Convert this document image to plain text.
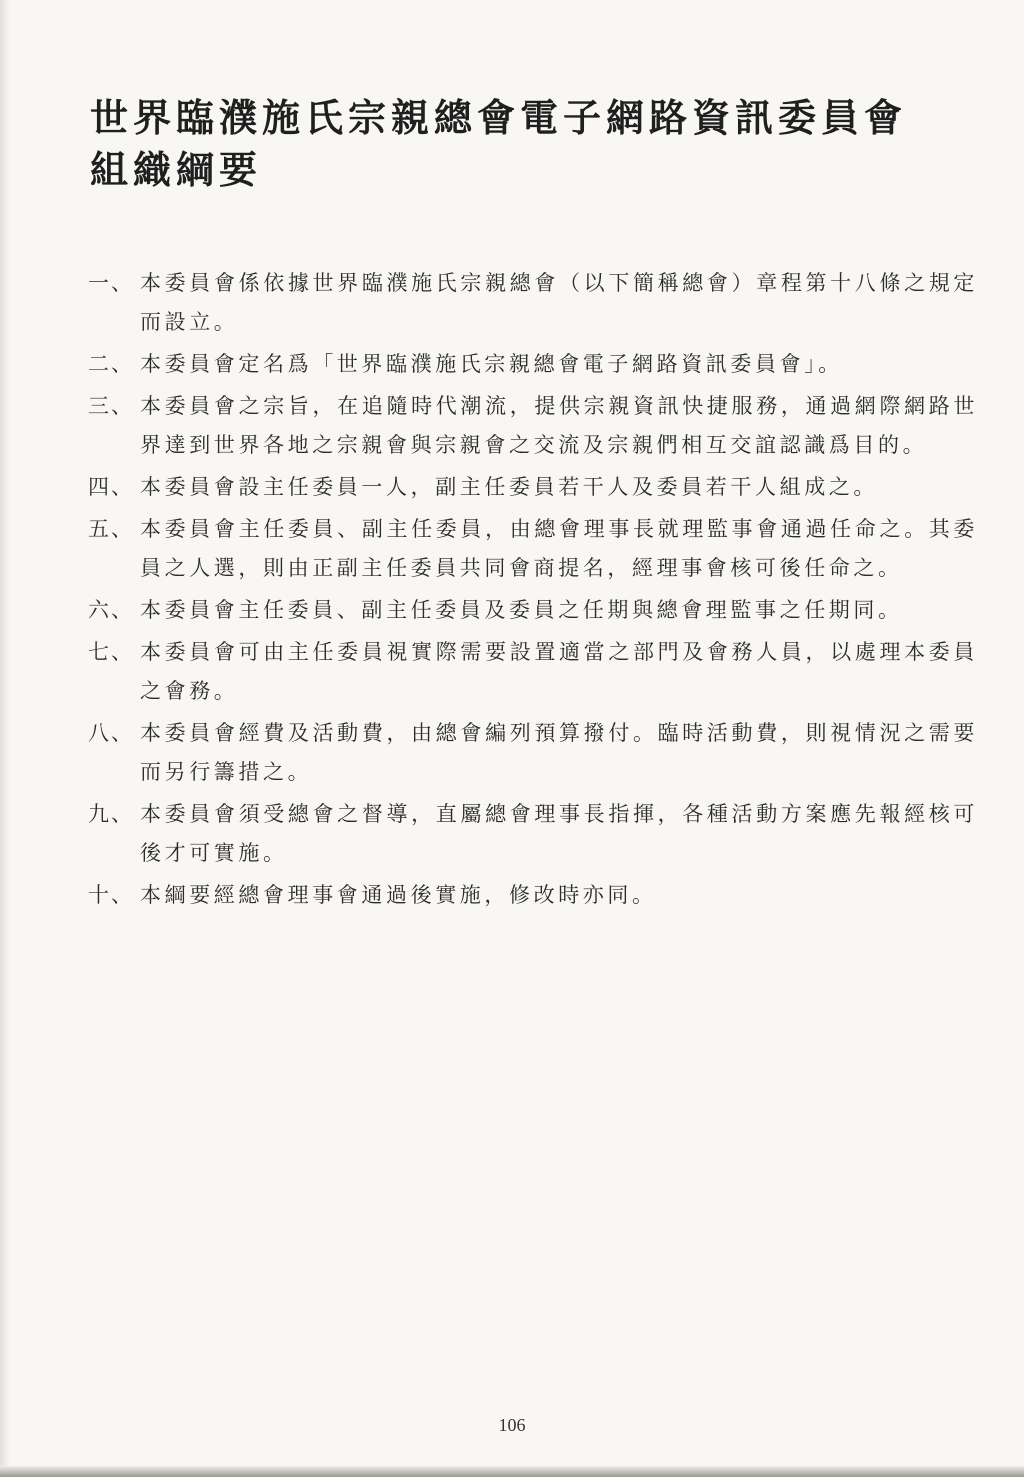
世界臨濮施氏宗親總會電子網路資訊委員會
組織綱要
一、 本委員會係依據世界臨濮施氏宗親總會（以下簡稱總會）章程第十八條之規定而設立。
二、 本委員會定名爲「世界臨濮施氏宗親總會電子網路資訊委員會」。
三、 本委員會之宗旨，在追隨時代潮流，提供宗親資訊快捷服務，通過網際網路世界達到世界各地之宗親會與宗親會之交流及宗親們相互交誼認識爲目的。
四、 本委員會設主任委員一人，副主任委員若干人及委員若干人組成之。
五、 本委員會主任委員、副主任委員，由總會理事長就理監事會通過任命之。其委員之人選，則由正副主任委員共同會商提名，經理事會核可後任命之。
六、 本委員會主任委員、副主任委員及委員之任期與總會理監事之任期同。
七、 本委員會可由主任委員視實際需要設置適當之部門及會務人員，以處理本委員之會務。
八、 本委員會經費及活動費，由總會編列預算撥付。臨時活動費，則視情況之需要而另行籌措之。
九、 本委員會須受總會之督導，直屬總會理事長指揮，各種活動方案應先報經核可後才可實施。
十、 本綱要經總會理事會通過後實施，修改時亦同。
106
